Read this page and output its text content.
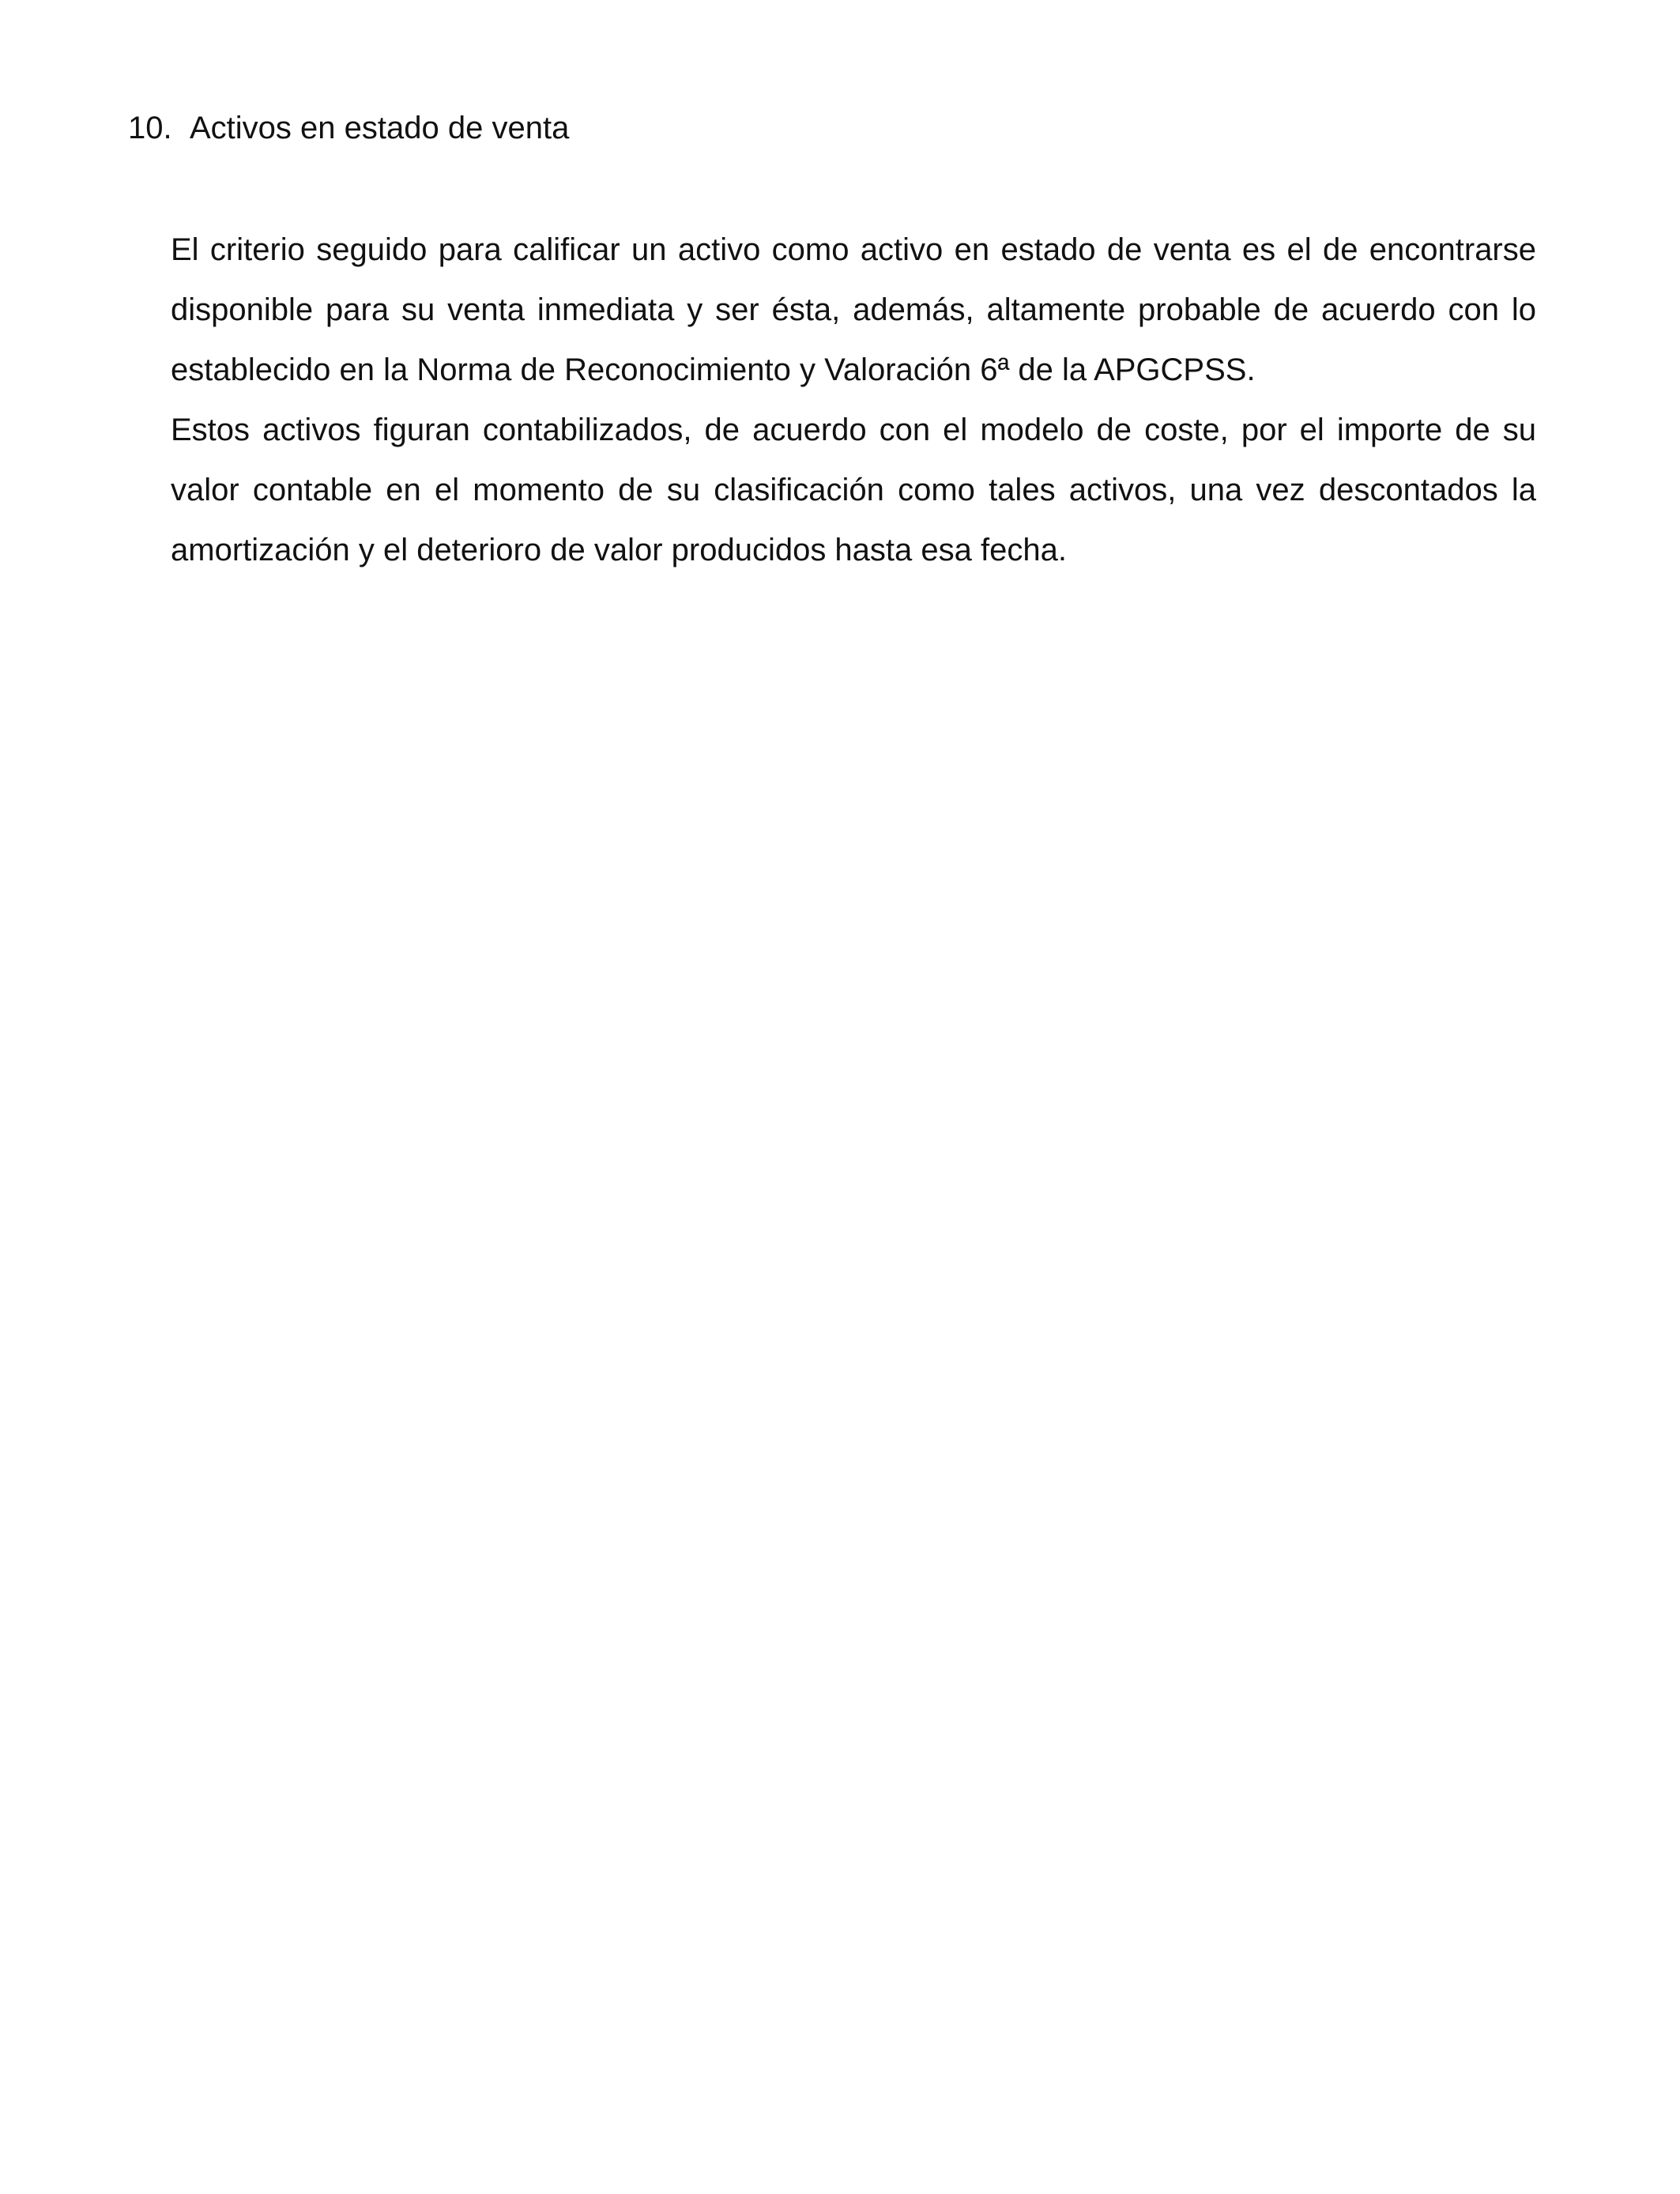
10. Activos en estado de venta

El criterio seguido para calificar un activo como activo en estado de venta es el de encontrarse disponible para su venta inmediata y ser ésta, además, altamente probable de acuerdo con lo establecido en la Norma de Reconocimiento y Valoración 6ª de la APGCPSS.

Estos activos figuran contabilizados, de acuerdo con el modelo de coste, por el importe de su valor contable en el momento de su clasificación como tales activos, una vez descontados la amortización y el deterioro de valor producidos hasta esa fecha.
